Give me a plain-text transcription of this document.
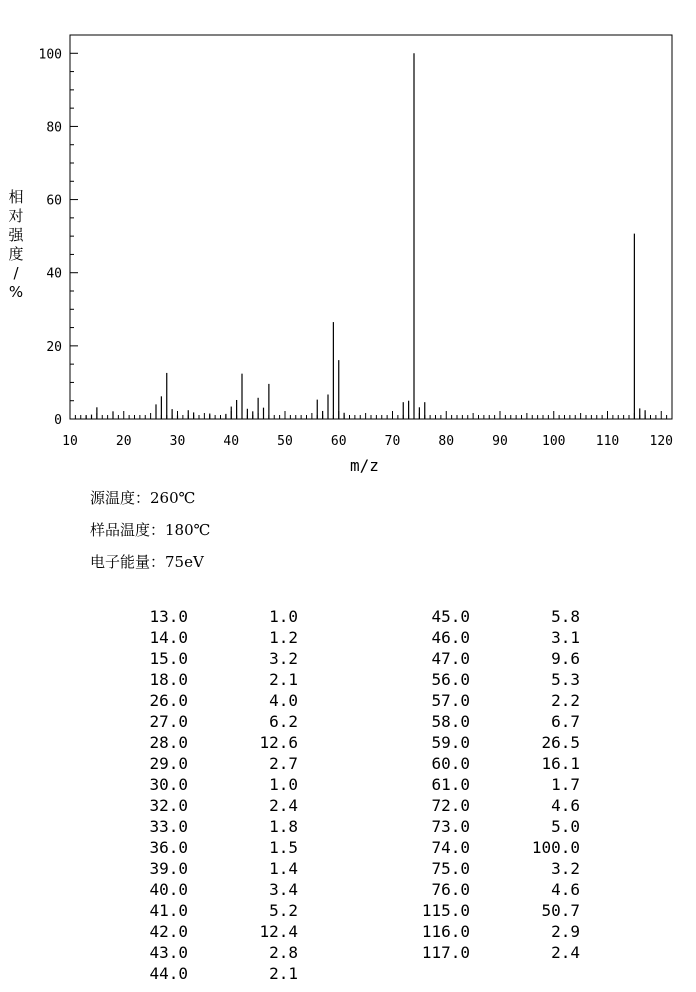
10	20	30	40	50	60	70	80	90	100 110 120
0
20
40
60
80
100
相
对
强
度
/
%
m/z
源温度：260℃
样品温度：180℃
电子能量：75eV
13.0	1.0
14.0	1.2
15.0	3.2
18.0	2.1
26.0	4.0
27.0	6.2
28.0	12.6
29.0	2.7
30.0	1.0
32.0	2.4
33.0	1.8
36.0	1.5
39.0	1.4
40.0	3.4
41.0	5.2
42.0	12.4
43.0	2.8
44.0	2.1
45.0	5.8
46.0	3.1
47.0	9.6
56.0	5.3
57.0	2.2
58.0	6.7
59.0	26.5
60.0	16.1
61.0	1.7
72.0	4.6
73.0	5.0
74.0	100.0
75.0	3.2
76.0	4.6
115.0	50.7
116.0	2.9
117.0	2.4
